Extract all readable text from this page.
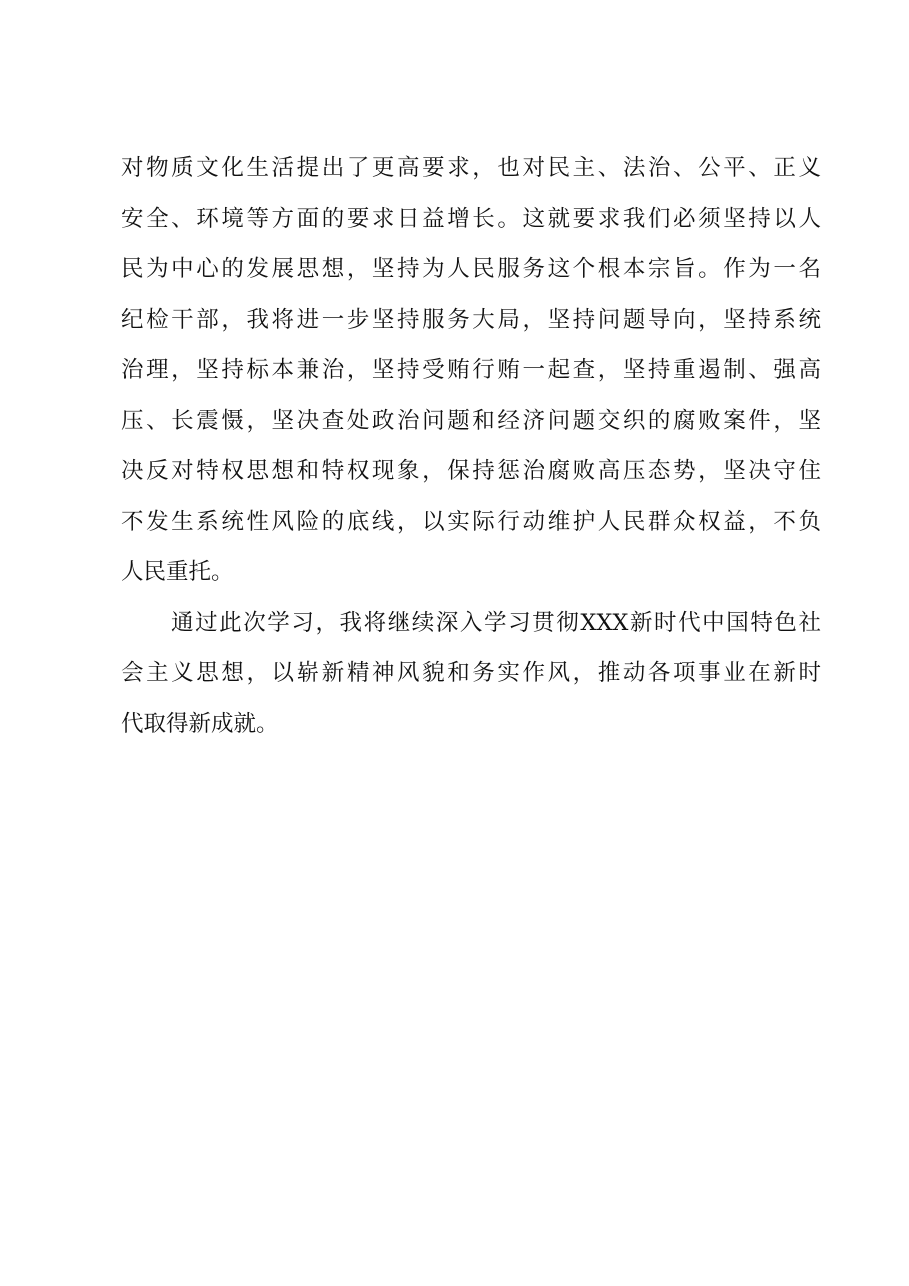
对物质文化生活提出了更高要求，也对民主、法治、公平、正义
安全、环境等方面的要求日益增长。这就要求我们必须坚持以人
民为中心的发展思想，坚持为人民服务这个根本宗旨。作为一名
纪检干部，我将进一步坚持服务大局，坚持问题导向，坚持系统
治理，坚持标本兼治，坚持受贿行贿一起查，坚持重遏制、强高
压、长震慑，坚决查处政治问题和经济问题交织的腐败案件，坚
决反对特权思想和特权现象，保持惩治腐败高压态势，坚决守住
不发生系统性风险的底线，以实际行动维护人民群众权益，不负
人民重托。
通过此次学习，我将继续深入学习贯彻XXX新时代中国特色社
会主义思想，以崭新精神风貌和务实作风，推动各项事业在新时
代取得新成就。
